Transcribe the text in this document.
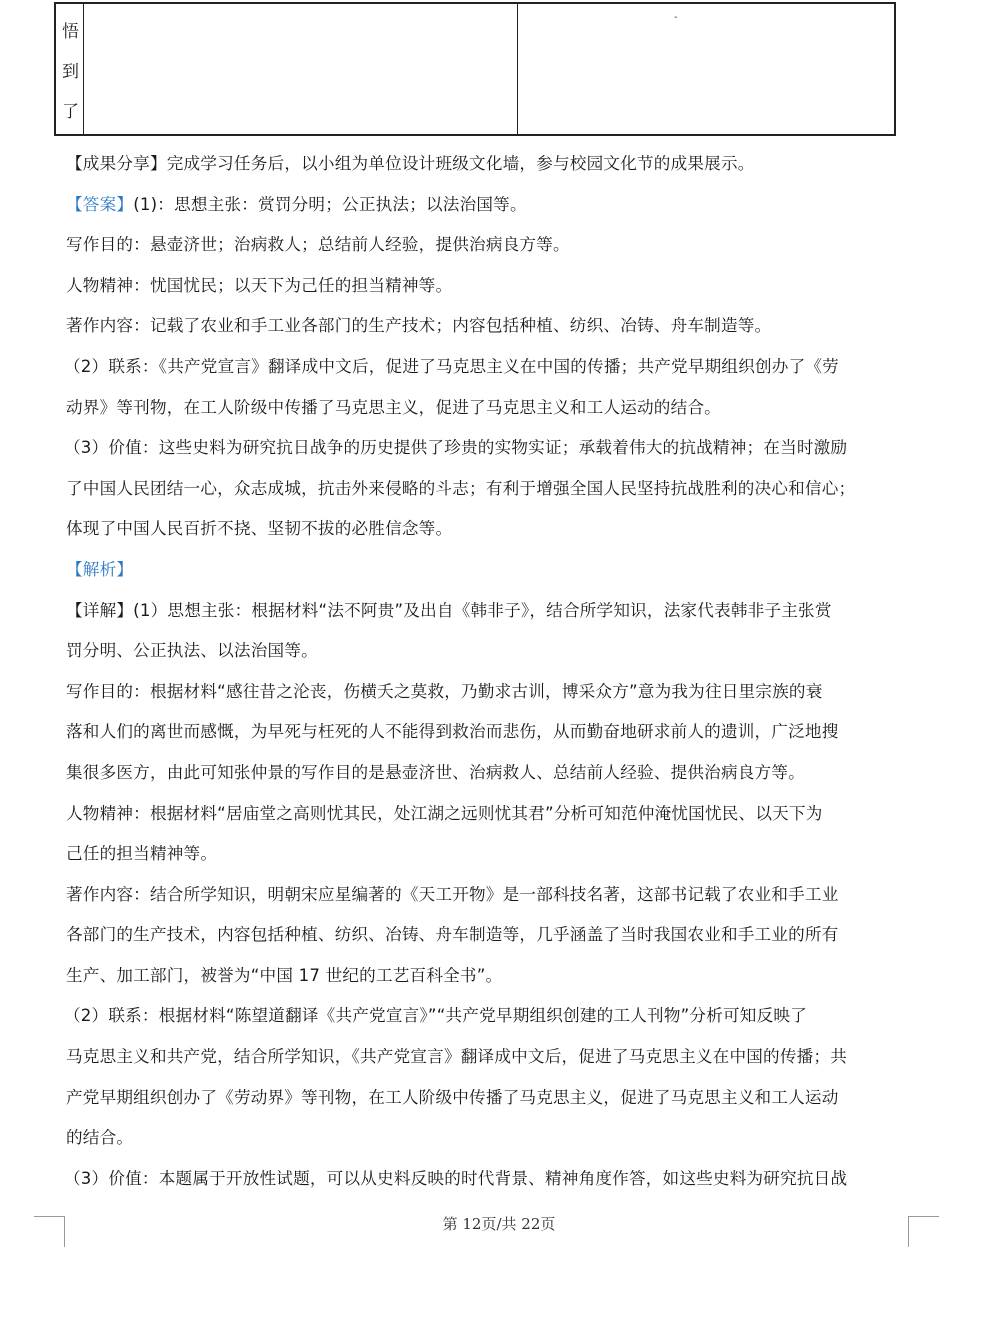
悟
到
了
-
【成果分享】完成学习任务后，以小组为单位设计班级文化墙，参与校园文化节的成果展示。
【答案】(1)：思想主张：赏罚分明；公正执法；以法治国等。
写作目的：悬壶济世；治病救人；总结前人经验，提供治病良方等。
人物精神：忧国忧民；以天下为己任的担当精神等。
著作内容：记载了农业和手工业各部门的生产技术；内容包括种植、纺织、冶铸、舟车制造等。
（2）联系：《共产党宣言》翻译成中文后，促进了马克思主义在中国的传播；共产党早期组织创办了《劳
动界》等刊物，在工人阶级中传播了马克思主义，促进了马克思主义和工人运动的结合。
（3）价值：这些史料为研究抗日战争的历史提供了珍贵的实物实证；承载着伟大的抗战精神；在当时激励
了中国人民团结一心，众志成城，抗击外来侵略的斗志；有利于增强全国人民坚持抗战胜利的决心和信心；
体现了中国人民百折不挠、坚韧不拔的必胜信念等。
【解析】
【详解】(1）思想主张：根据材料“法不阿贵”及出自《韩非子》，结合所学知识，法家代表韩非子主张赏
罚分明、公正执法、以法治国等。
写作目的：根据材料“感往昔之沦丧，伤横夭之莫救，乃勤求古训，博采众方”意为我为往日里宗族的衰
落和人们的离世而感慨，为早死与枉死的人不能得到救治而悲伤，从而勤奋地研求前人的遗训，广泛地搜
集很多医方，由此可知张仲景的写作目的是悬壶济世、治病救人、总结前人经验、提供治病良方等。
人物精神：根据材料“居庙堂之高则忧其民，处江湖之远则忧其君”分析可知范仲淹忧国忧民、以天下为
己任的担当精神等。
著作内容：结合所学知识，明朝宋应星编著的《天工开物》是一部科技名著，这部书记载了农业和手工业
各部门的生产技术，内容包括种植、纺织、冶铸、舟车制造等，几乎涵盖了当时我国农业和手工业的所有
生产、加工部门，被誉为“中国 17 世纪的工艺百科全书”。
（2）联系：根据材料“陈望道翻译《共产党宣言》”“共产党早期组织创建的工人刊物”分析可知反映了
马克思主义和共产党，结合所学知识，《共产党宣言》翻译成中文后，促进了马克思主义在中国的传播；共
产党早期组织创办了《劳动界》等刊物，在工人阶级中传播了马克思主义，促进了马克思主义和工人运动
的结合。
（3）价值：本题属于开放性试题，可以从史料反映的时代背景、精神角度作答，如这些史料为研究抗日战
第 12页/共 22页
